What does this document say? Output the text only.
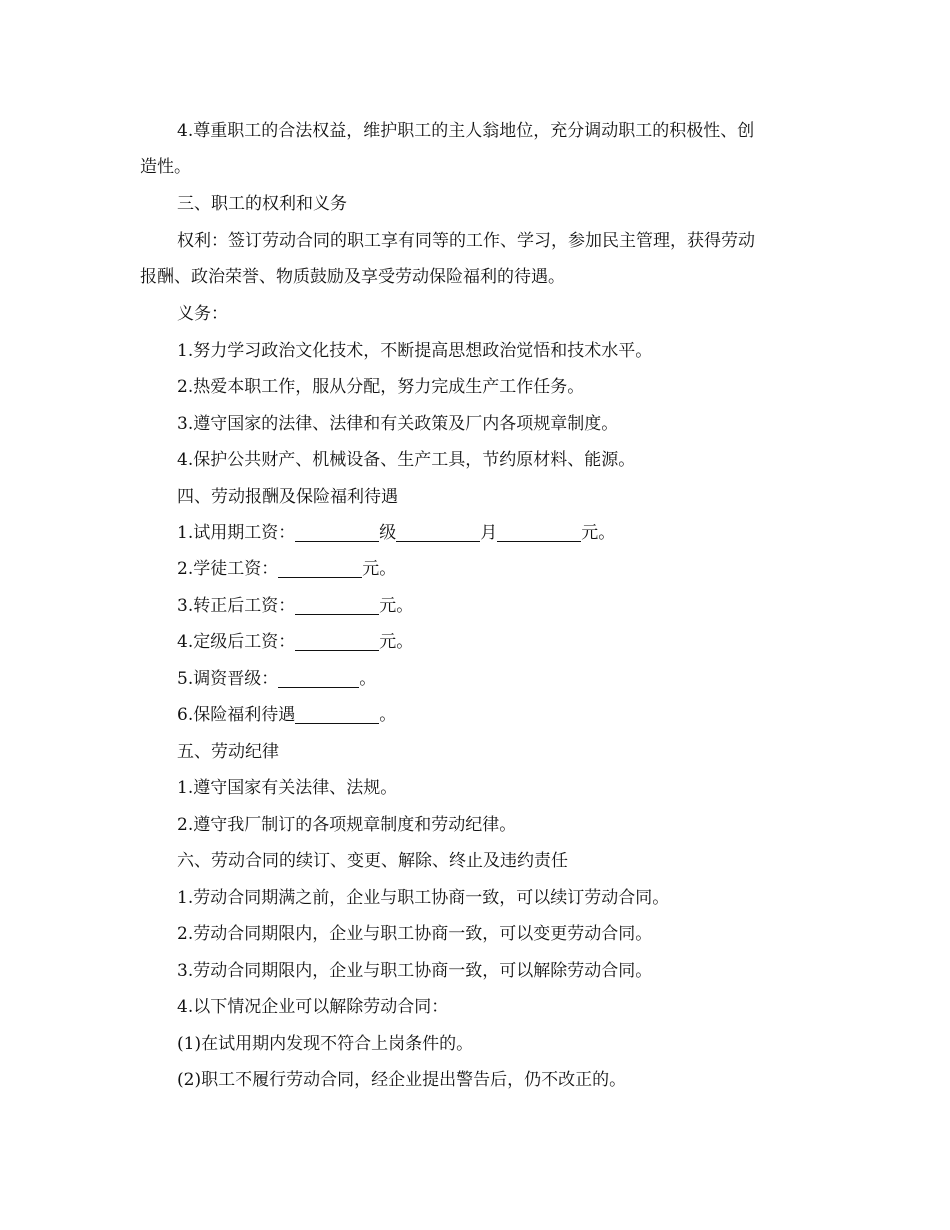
4.尊重职工的合法权益，维护职工的主人翁地位，充分调动职工的积极性、创
造性。
三、职工的权利和义务
权利：签订劳动合同的职工享有同等的工作、学习，参加民主管理，获得劳动
报酬、政治荣誉、物质鼓励及享受劳动保险福利的待遇。
义务：
1.努力学习政治文化技术，不断提高思想政治觉悟和技术水平。
2.热爱本职工作，服从分配，努力完成生产工作任务。
3.遵守国家的法律、法律和有关政策及厂内各项规章制度。
4.保护公共财产、机械设备、生产工具，节约原材料、能源。
四、劳动报酬及保险福利待遇
1.试用期工资：	级	月	元。
2.学徒工资：	元。
3.转正后工资：	元。
4.定级后工资：	元。
5.调资晋级：	。
6.保险福利待遇	。
五、劳动纪律
1.遵守国家有关法律、法规。
2.遵守我厂制订的各项规章制度和劳动纪律。
六、劳动合同的续订、变更、解除、终止及违约责任
1.劳动合同期满之前，企业与职工协商一致，可以续订劳动合同。
2.劳动合同期限内，企业与职工协商一致，可以变更劳动合同。
3.劳动合同期限内，企业与职工协商一致，可以解除劳动合同。
4.以下情况企业可以解除劳动合同：
(1)在试用期内发现不符合上岗条件的。
(2)职工不履行劳动合同，经企业提出警告后，仍不改正的。
